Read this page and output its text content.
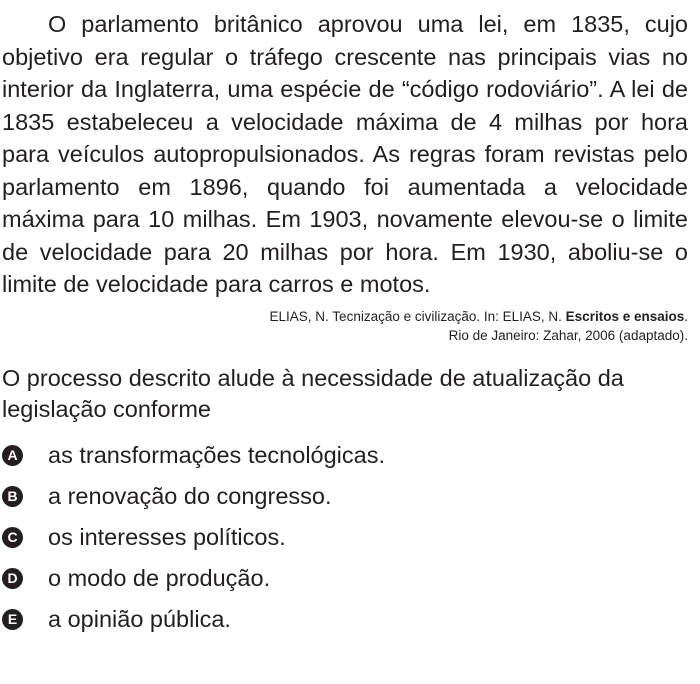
O parlamento britânico aprovou uma lei, em 1835, cujo objetivo era regular o tráfego crescente nas principais vias no interior da Inglaterra, uma espécie de “código rodoviário”. A lei de 1835 estabeleceu a velocidade máxima de 4 milhas por hora para veículos autopropulsionados. As regras foram revistas pelo parlamento em 1896, quando foi aumentada a velocidade máxima para 10 milhas. Em 1903, novamente elevou-se o limite de velocidade para 20 milhas por hora. Em 1930, aboliu-se o limite de velocidade para carros e motos.

ELIAS, N. Tecnização e civilização. In: ELIAS, N. Escritos e ensaios.
Rio de Janeiro: Zahar, 2006 (adaptado).

O processo descrito alude à necessidade de atualização da legislação conforme

A as transformações tecnológicas.
B a renovação do congresso.
C os interesses políticos.
D o modo de produção.
E a opinião pública.
